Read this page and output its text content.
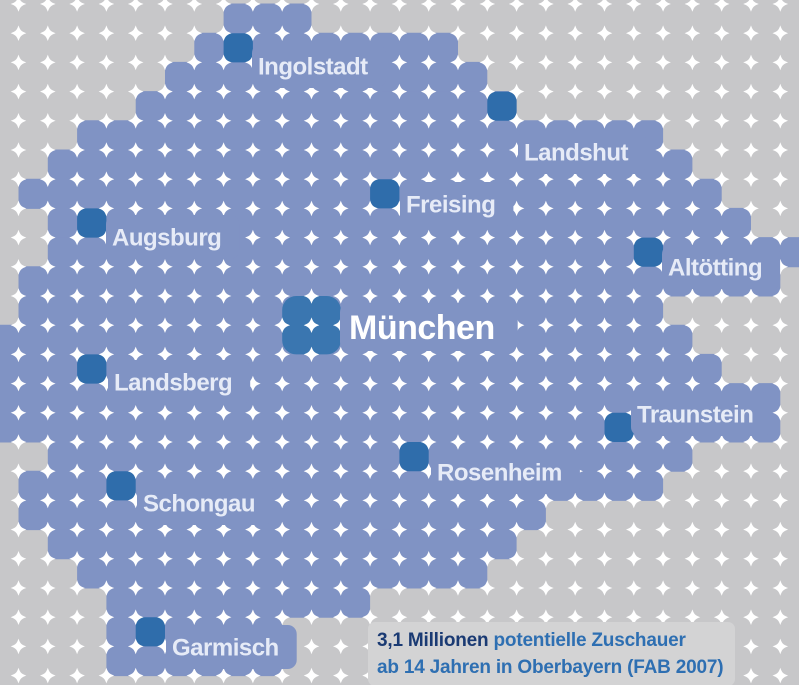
Ingolstadt
Landshut
Freising
Augsburg
Altötting
München
Landsberg
Traunstein
Rosenheim
Schongau
Garmisch	3,1 Millionen potentielle Zuschauer
ab 14 Jahren in Oberbayern (FAB 2007)
